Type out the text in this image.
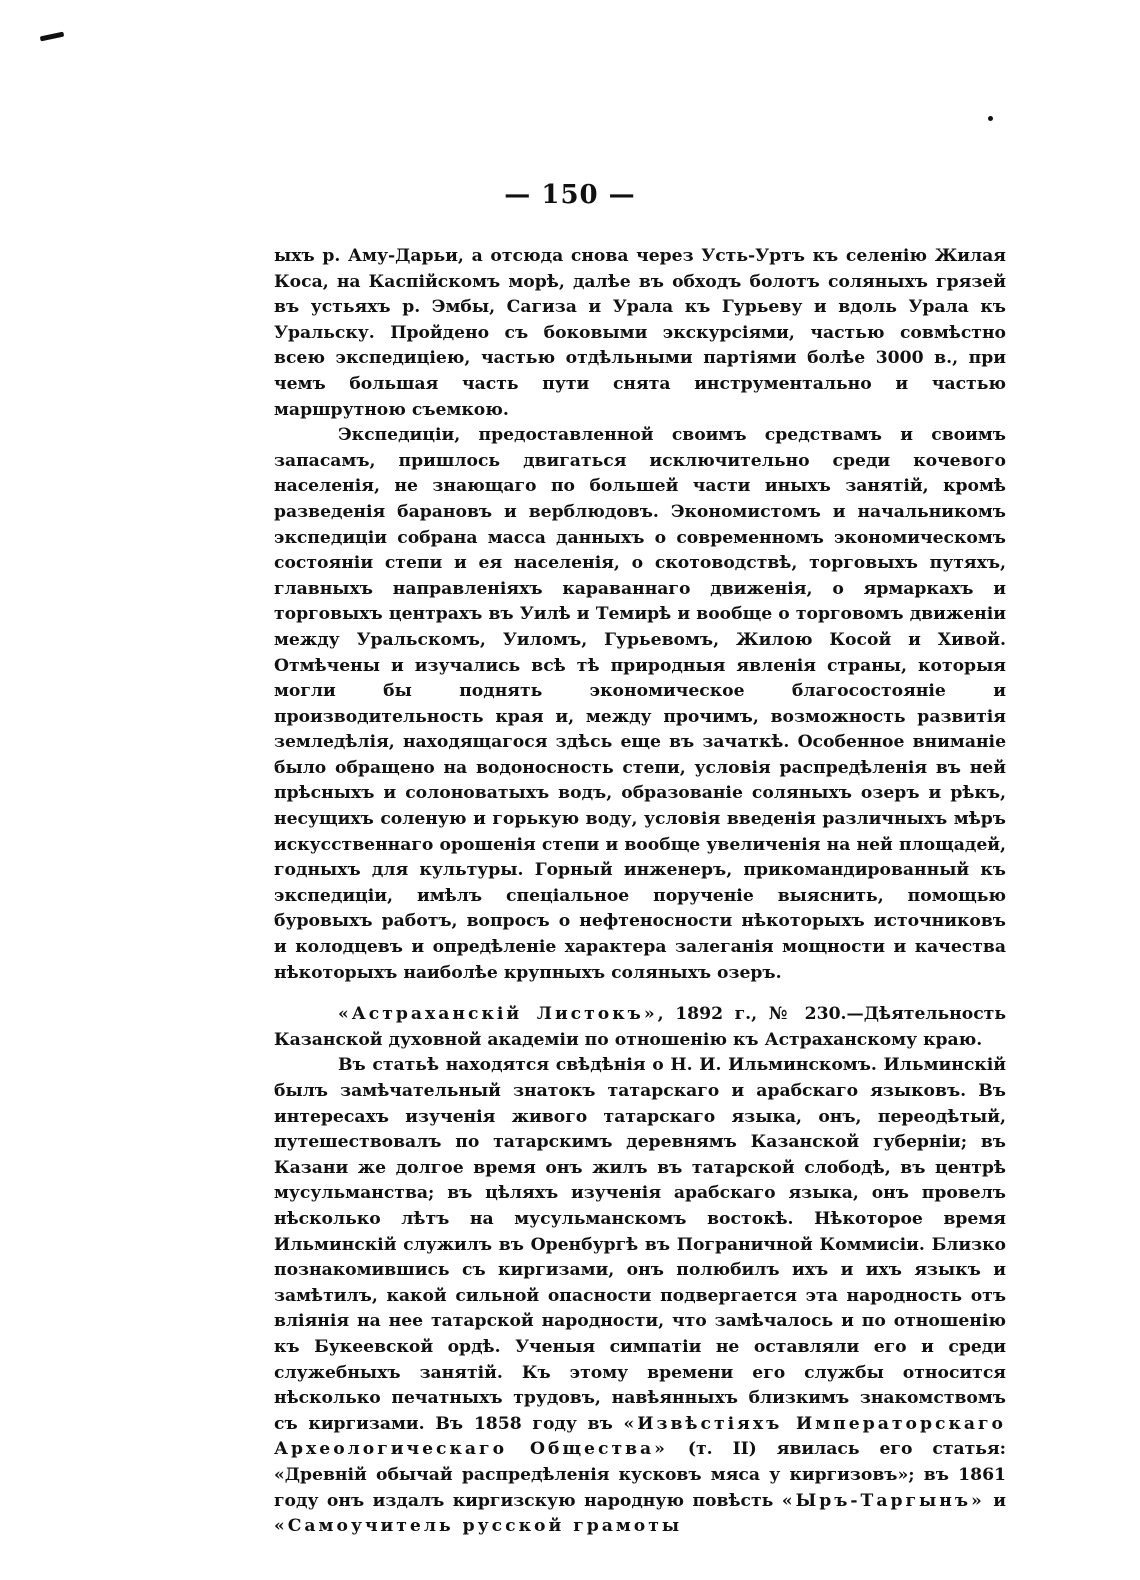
— 150 —

ыхъ р. Аму-Дарьи, а отсюда снова через Усть-Уртъ къ селенію Жилая Коса, на Каспійскомъ морѣ, далѣе въ обходъ болотъ соляныхъ грязей въ устьяхъ р. Эмбы, Сагиза и Урала къ Гурьеву и вдоль Урала къ Уральску. Пройдено съ боковыми экскурсіями, частью совмѣстно всею экспедиціею, частью отдѣльными партіями болѣе 3000 в., при чемъ большая часть пути снята инструментально и частью маршрутною съемкою.

Экспедиціи, предоставленной своимъ средствамъ и своимъ запасамъ, пришлось двигаться исключительно среди кочевого населенія, не знающаго по большей части иныхъ занятій, кромѣ разведенія барановъ и верблюдовъ. Экономистомъ и начальникомъ экспедиціи собрана масса данныхъ о современномъ экономическомъ состояніи степи и ея населенія, о скотоводствѣ, торговыхъ путяхъ, главныхъ направленіяхъ караваннаго движенія, о ярмаркахъ и торговыхъ центрахъ въ Уилѣ и Темирѣ и вообще о торговомъ движеніи между Уральскомъ, Уиломъ, Гурьевомъ, Жилою Косой и Хивой. Отмѣчены и изучались всѣ тѣ природныя явленія страны, которыя могли бы поднять экономическое благосостояніе и производительность края и, между прочимъ, возможность развитія земледѣлія, находящагося здѣсь еще въ зачаткѣ. Особенное вниманіе было обращено на водоносность степи, условія распредѣленія въ ней прѣсныхъ и солоноватыхъ водъ, образованіе соляныхъ озеръ и рѣкъ, несущихъ соленую и горькую воду, условія введенія различныхъ мѣръ искусственнаго орошенія степи и вообще увеличенія на ней площадей, годныхъ для культуры. Горный инженеръ, прикомандированный къ экспедиціи, имѣлъ спеціальное порученіе выяснить, помощью буровыхъ работъ, вопросъ о нефтеносности нѣкоторыхъ источниковъ и колодцевъ и опредѣленіе характера залеганія мощности и качества нѣкоторыхъ наиболѣе крупныхъ соляныхъ озеръ.

«Астраханскій Листокъ», 1892 г., № 230.—Дѣятельность Казанской духовной академіи по отношенію къ Астраханскому краю.

Въ статьѣ находятся свѣдѣнія о Н. И. Ильминскомъ. Ильминскій былъ замѣчательный знатокъ татарскаго и арабскаго языковъ. Въ интересахъ изученія живого татарскаго языка, онъ, переодѣтый, путешествовалъ по татарскимъ деревнямъ Казанской губерніи; въ Казани же долгое время онъ жилъ въ татарской слободѣ, въ центрѣ мусульманства; въ цѣляхъ изученія арабскаго языка, онъ провелъ нѣсколько лѣтъ на мусульманскомъ востокѣ. Нѣкоторое время Ильминскій служилъ въ Оренбургѣ въ Пограничной Коммисіи. Близко познакомившись съ киргизами, онъ полюбилъ ихъ и ихъ языкъ и замѣтилъ, какой сильной опасности подвергается эта народность отъ вліянія на нее татарской народности, что замѣчалось и по отношенію къ Букеевской ордѣ. Ученыя симпатіи не оставляли его и среди служебныхъ занятій. Къ этому времени его службы относится нѣсколько печатныхъ трудовъ, навѣянныхъ близкимъ знакомствомъ съ киргизами. Въ 1858 году въ «Извѣстіяхъ Императорскаго Археологическаго Общества» (т. II) явилась его статья: «Древній обычай распредѣленія кусковъ мяса у киргизовъ»; въ 1861 году онъ издалъ киргизскую народную повѣсть «Ыръ-Таргынъ» и «Самоучитель русской грамоты
